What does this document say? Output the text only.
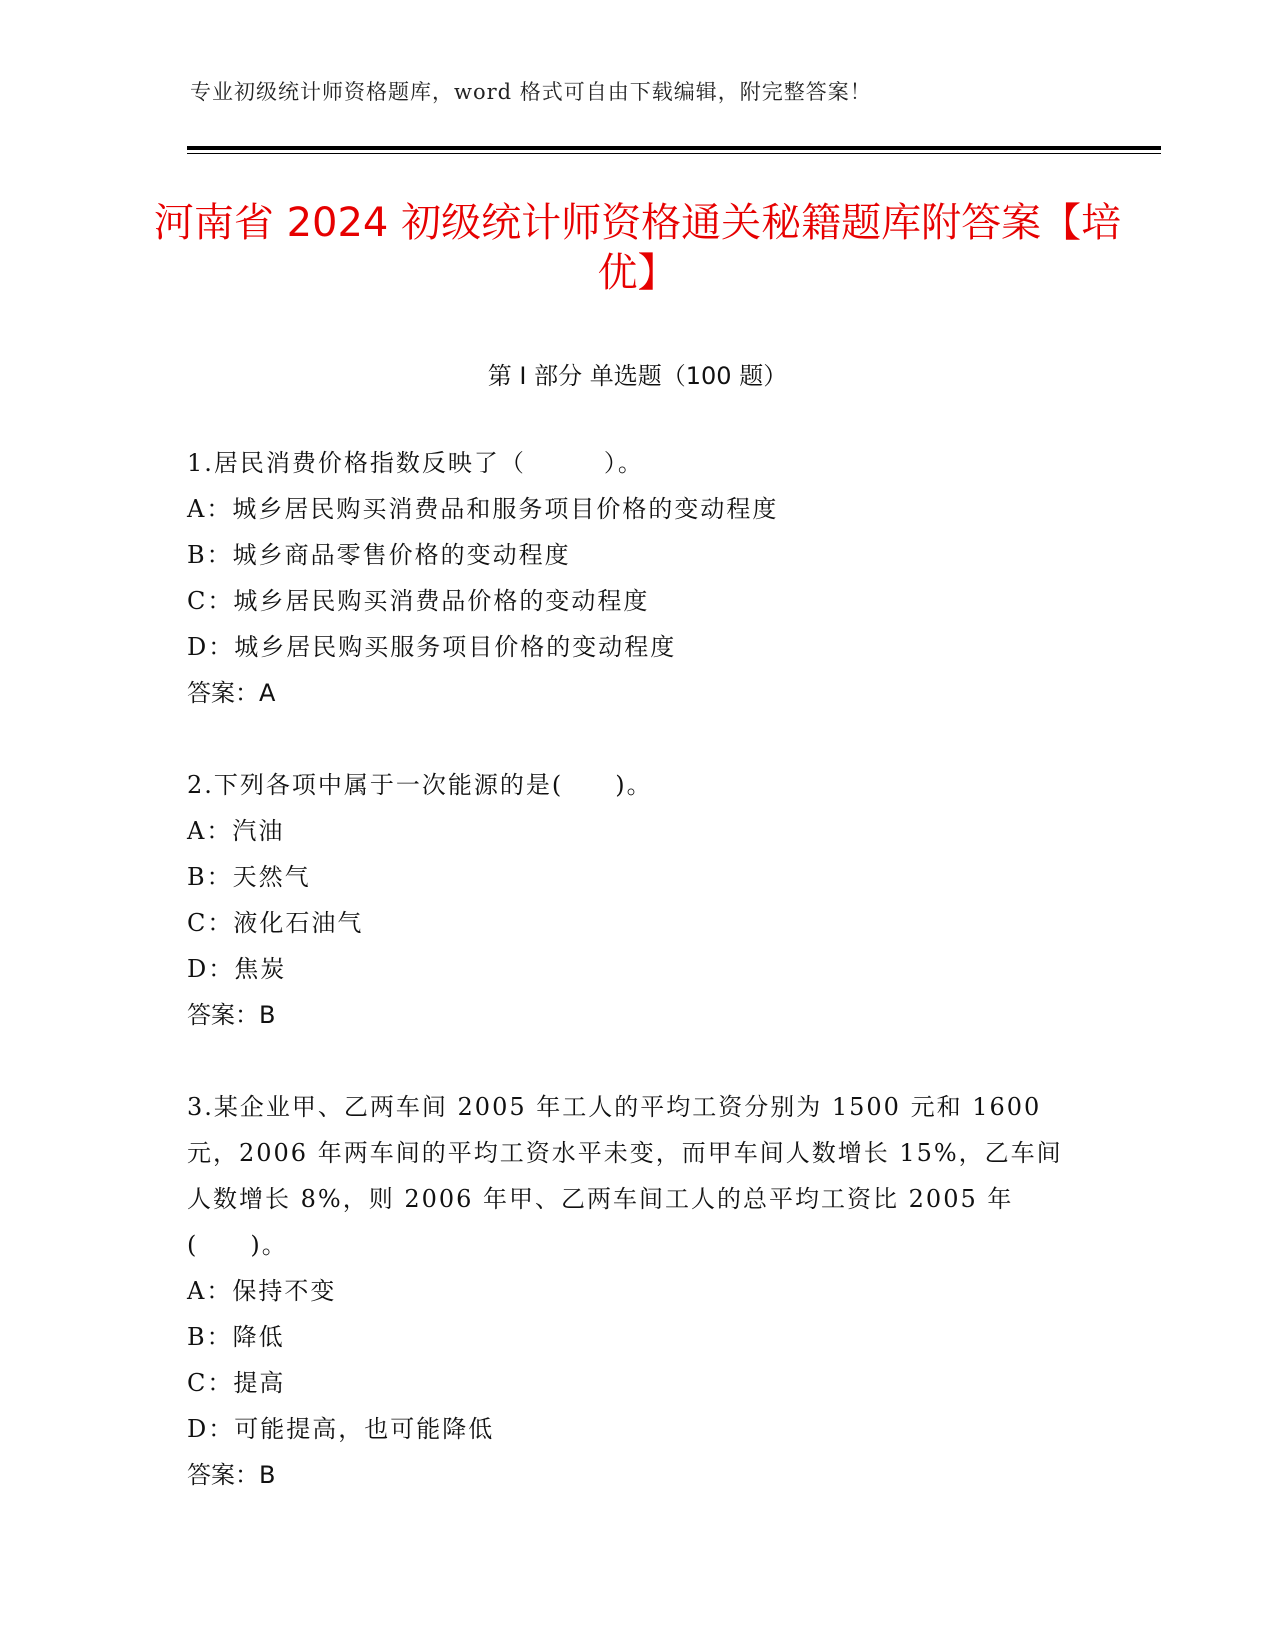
专业初级统计师资格题库，word 格式可自由下载编辑，附完整答案！
河南省 2024 初级统计师资格通关秘籍题库附答案【培优】
第 I 部分 单选题（100 题）
1.居民消费价格指数反映了（　　　）。
A：城乡居民购买消费品和服务项目价格的变动程度
B：城乡商品零售价格的变动程度
C：城乡居民购买消费品价格的变动程度
D：城乡居民购买服务项目价格的变动程度
答案：A
2.下列各项中属于一次能源的是(　　)。
A：汽油
B：天然气
C：液化石油气
D：焦炭
答案：B
3.某企业甲、乙两车间 2005 年工人的平均工资分别为 1500 元和 1600 元，2006 年两车间的平均工资水平未变，而甲车间人数增长 15%，乙车间人数增长 8%，则 2006 年甲、乙两车间工人的总平均工资比 2005 年(　　)。
A：保持不变
B：降低
C：提高
D：可能提高，也可能降低
答案：B
